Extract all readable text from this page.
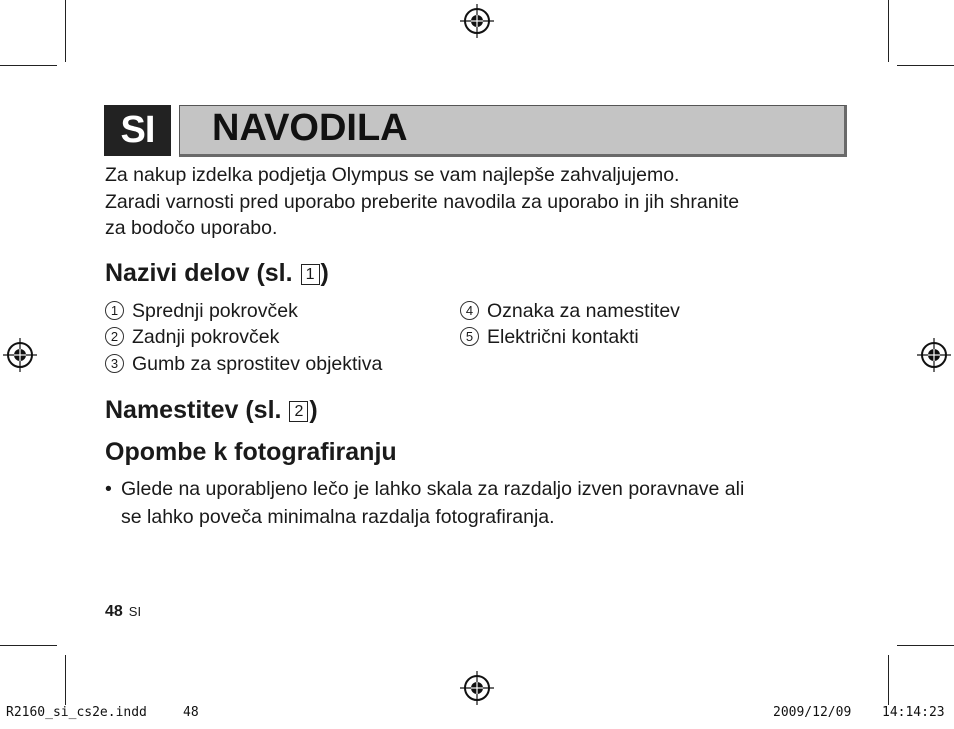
SI	NAVODILA
Za nakup izdelka podjetja Olympus se vam najlepše zahvaljujemo.
Zaradi varnosti pred uporabo preberite navodila za uporabo in jih shranite
za bodočo uporabo.
Nazivi delov (sl. 1 )
1 Sprednji pokrovček
2 Zadnji pokrovček
3 Gumb za sprostitev objektiva
4 Oznaka za namestitev
5 Električni kontakti
Namestitev (sl. 2 )
Opombe k fotografiranju
• Glede na uporabljeno lečo je lahko skala za razdaljo izven poravnave ali
se lahko poveča minimalna razdalja fotografiranja.
48 SI
R2160_si_cs2e.indd	48	2009/12/09 14:14:23
